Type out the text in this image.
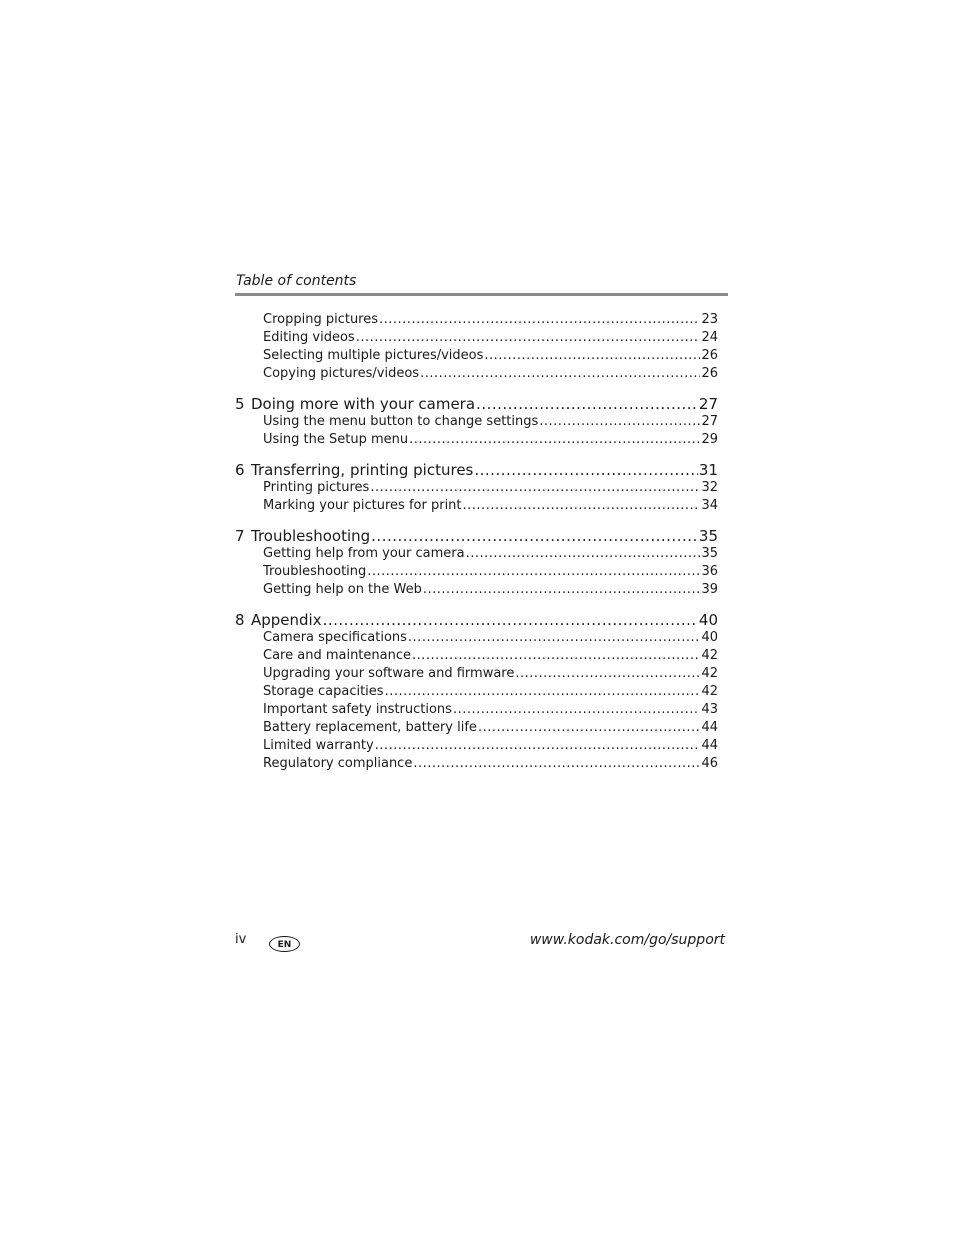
Table of contents
Cropping pictures .....	23
Editing videos .....	24
Selecting multiple pictures/videos .....	26
Copying pictures/videos .....	26
5 Doing more with your camera .....	27
Using the menu button to change settings .....	27
Using the Setup menu .....	29
6 Transferring, printing pictures .....	31
Printing pictures .....	32
Marking your pictures for print .....	34
7 Troubleshooting .....	35
Getting help from your camera .....	35
Troubleshooting .....	36
Getting help on the Web .....	39
8 Appendix .....	40
Camera specifications .....	40
Care and maintenance .....	42
Upgrading your software and firmware .....	42
Storage capacities .....	42
Important safety instructions .....	43
Battery replacement, battery life .....	44
Limited warranty .....	44
Regulatory compliance .....	46
iv	EN	www.kodak.com/go/support
